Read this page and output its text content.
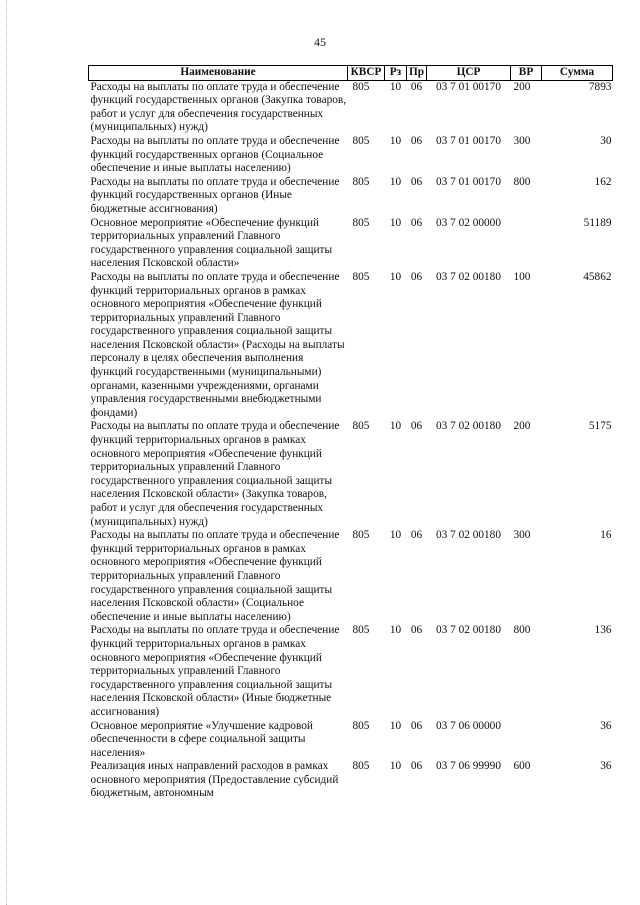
45
Наименование	КВСР	Рз	Пр	ЦСР	ВР	Сумма
Расходы на выплаты по оплате труда и обеспечение функций государственных органов (Закупка товаров, работ и услуг для обеспечения государственных (муниципальных) нужд)	805	10	06	03 7 01 00170	200	7893
Расходы на выплаты по оплате труда и обеспечение функций государственных органов (Социальное обеспечение и иные выплаты населению)	805	10	06	03 7 01 00170	300	30
Расходы на выплаты по оплате труда и обеспечение функций государственных органов (Иные бюджетные ассигнования)	805	10	06	03 7 01 00170	800	162
Основное мероприятие «Обеспечение функций территориальных управлений Главного государственного управления социальной защиты населения Псковской области»	805	10	06	03 7 02 00000		51189
Расходы на выплаты по оплате труда и обеспечение функций территориальных органов в рамках основного мероприятия «Обеспечение функций территориальных управлений Главного государственного управления социальной защиты населения Псковской области» (Расходы на выплаты персоналу в целях обеспечения выполнения функций государственными (муниципальными) органами, казенными учреждениями, органами управления государственными внебюджетными фондами)	805	10	06	03 7 02 00180	100	45862
Расходы на выплаты по оплате труда и обеспечение функций территориальных органов в рамках основного мероприятия «Обеспечение функций территориальных управлений Главного государственного управления социальной защиты населения Псковской области» (Закупка товаров, работ и услуг для обеспечения государственных (муниципальных) нужд)	805	10	06	03 7 02 00180	200	5175
Расходы на выплаты по оплате труда и обеспечение функций территориальных органов в рамках основного мероприятия «Обеспечение функций территориальных управлений Главного государственного управления социальной защиты населения Псковской области» (Социальное обеспечение и иные выплаты населению)	805	10	06	03 7 02 00180	300	16
Расходы на выплаты по оплате труда и обеспечение функций территориальных органов в рамках основного мероприятия «Обеспечение функций территориальных управлений Главного государственного управления социальной защиты населения Псковской области» (Иные бюджетные ассигнования)	805	10	06	03 7 02 00180	800	136
Основное мероприятие «Улучшение кадровой обеспеченности в сфере социальной защиты населения»	805	10	06	03 7 06 00000		36
Реализация иных направлений расходов в рамках основного мероприятия (Предоставление субсидий бюджетным, автономным	805	10	06	03 7 06 99990	600	36
